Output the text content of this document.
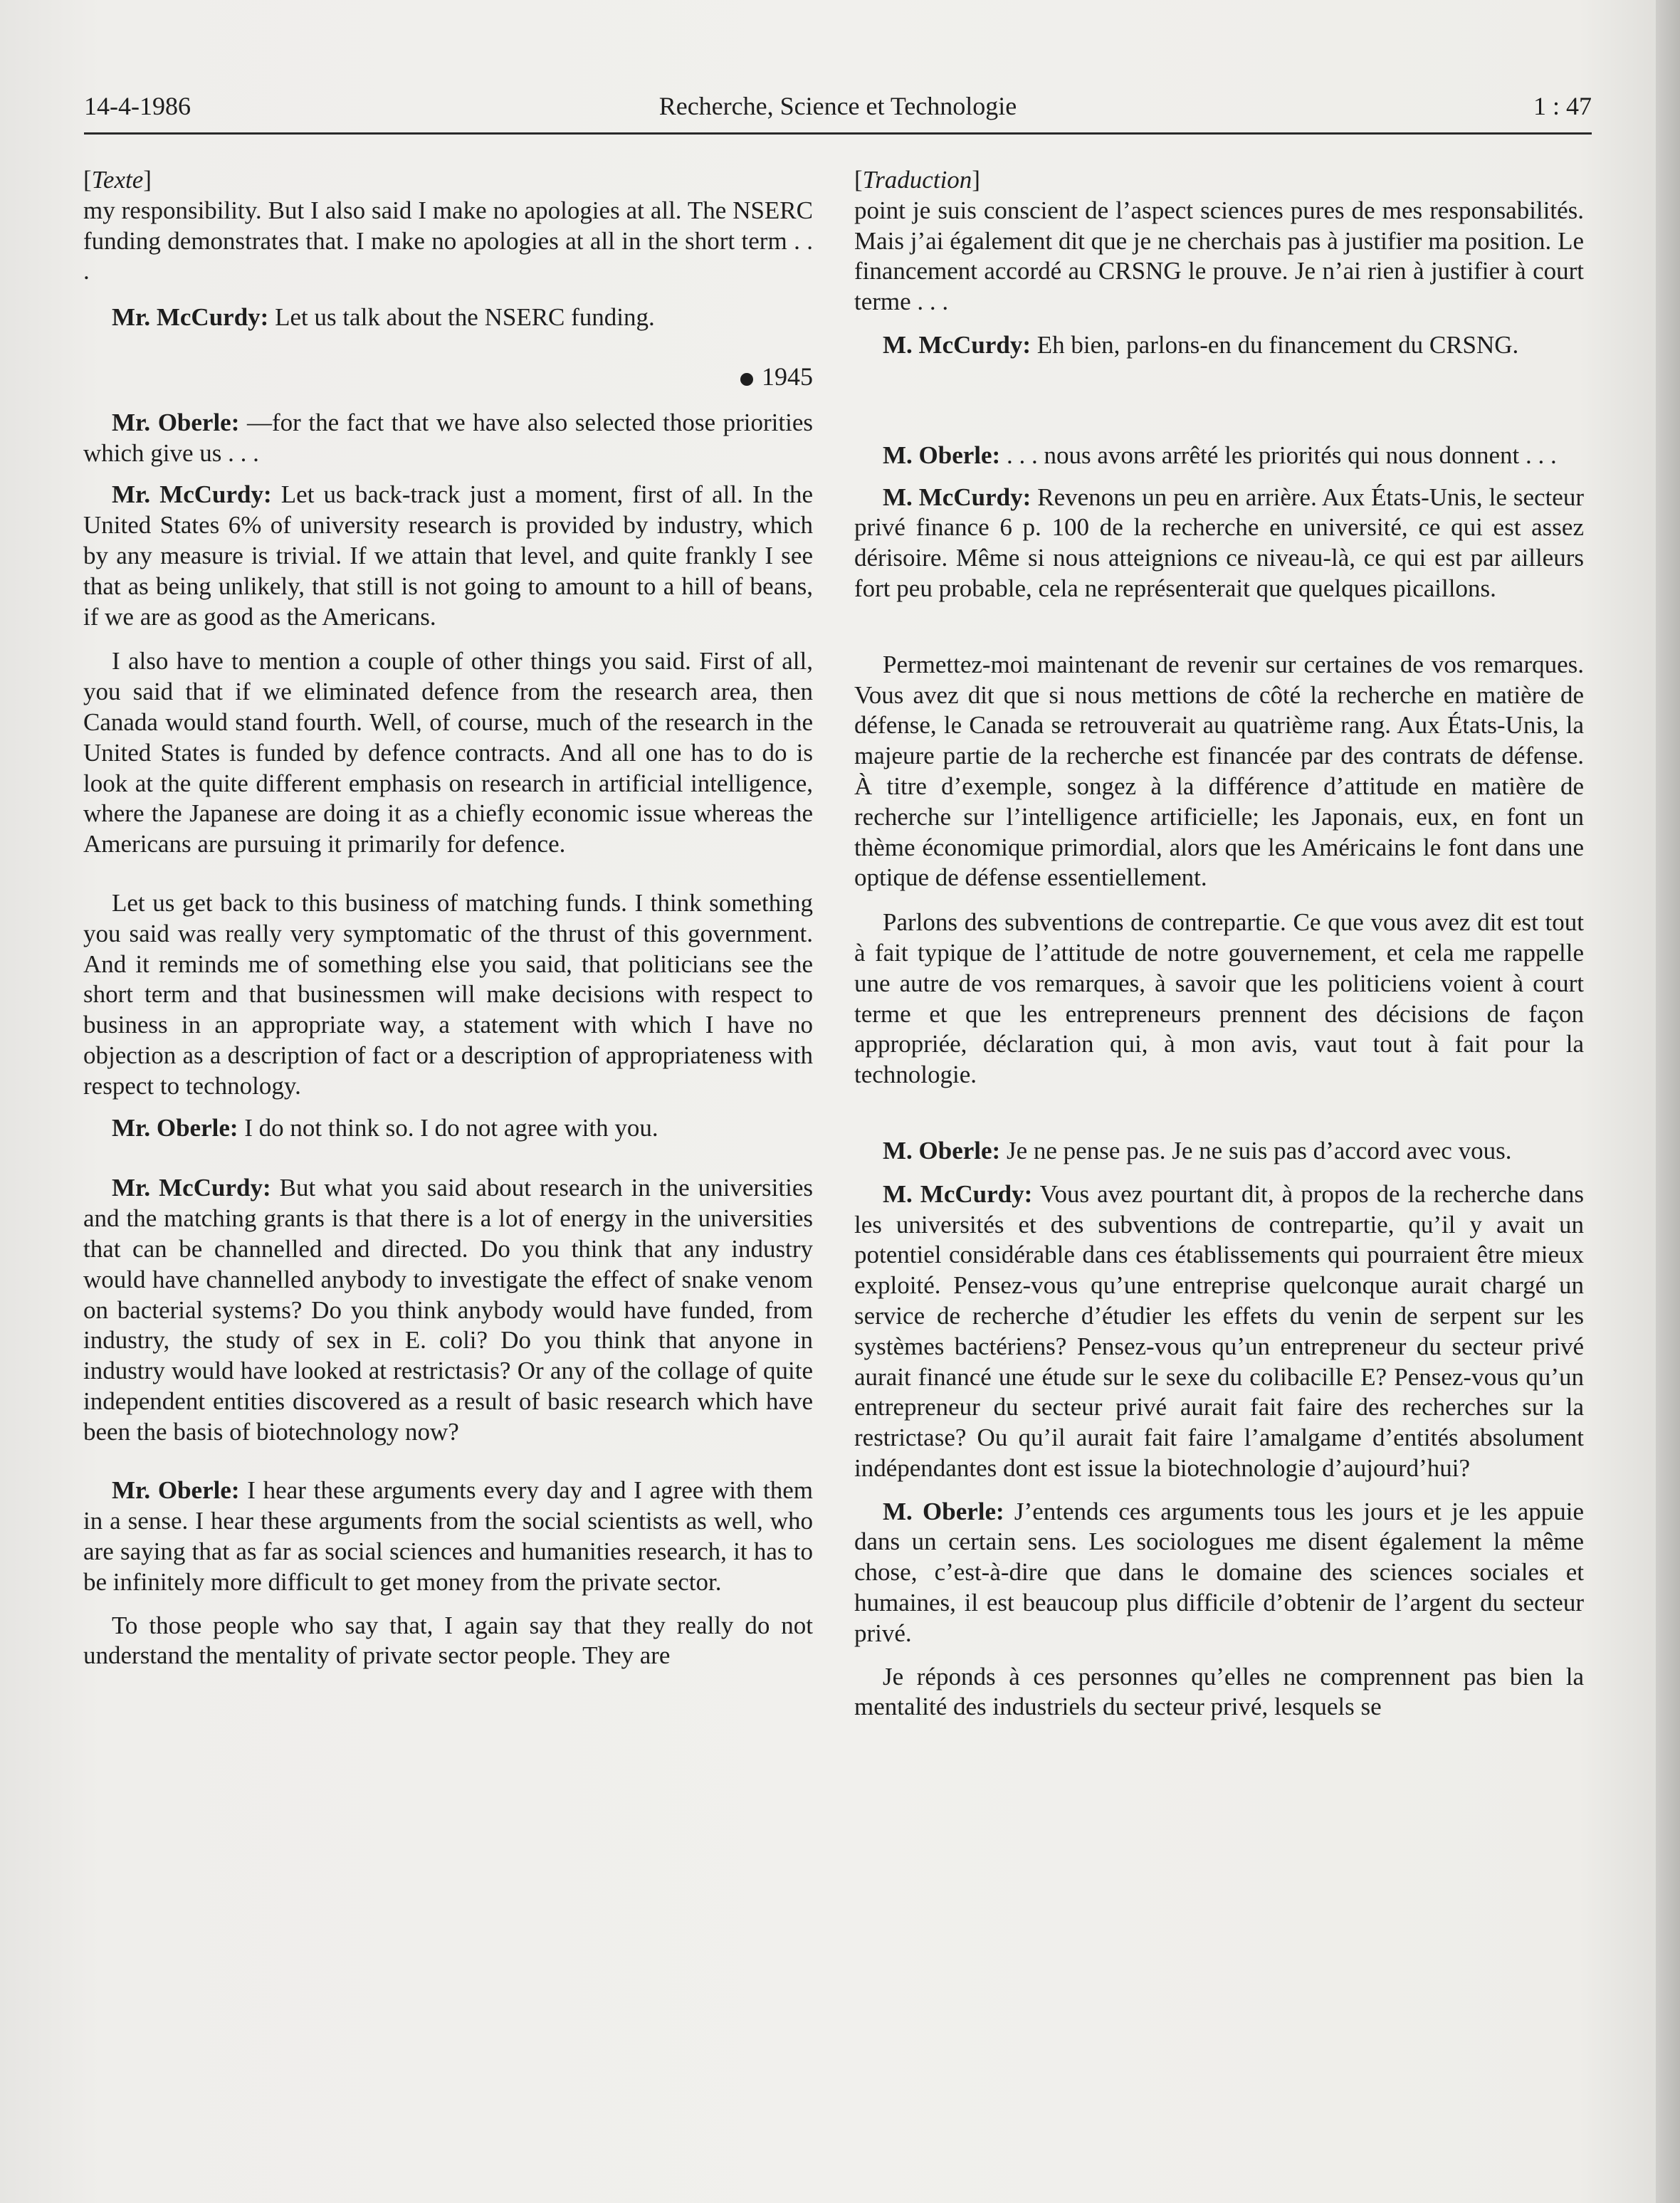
14-4-1986	Recherche, Science et Technologie	1 : 47

[Texte]

my responsibility. But I also said I make no apologies at all. The NSERC funding demonstrates that. I make no apologies at all in the short term . . .

Mr. McCurdy: Let us talk about the NSERC funding.

1945

Mr. Oberle: —for the fact that we have also selected those priorities which give us . . .

Mr. McCurdy: Let us back-track just a moment, first of all. In the United States 6% of university research is provided by industry, which by any measure is trivial. If we attain that level, and quite frankly I see that as being unlikely, that still is not going to amount to a hill of beans, if we are as good as the Americans.

I also have to mention a couple of other things you said. First of all, you said that if we eliminated defence from the research area, then Canada would stand fourth. Well, of course, much of the research in the United States is funded by defence contracts. And all one has to do is look at the quite different emphasis on research in artificial intelligence, where the Japanese are doing it as a chiefly economic issue whereas the Americans are pursuing it primarily for defence.

Let us get back to this business of matching funds. I think something you said was really very symptomatic of the thrust of this government. And it reminds me of something else you said, that politicians see the short term and that businessmen will make decisions with respect to business in an appropriate way, a statement with which I have no objection as a description of fact or a description of appropriateness with respect to technology.

Mr. Oberle: I do not think so. I do not agree with you.

Mr. McCurdy: But what you said about research in the universities and the matching grants is that there is a lot of energy in the universities that can be channelled and directed. Do you think that any industry would have channelled anybody to investigate the effect of snake venom on bacterial systems? Do you think anybody would have funded, from industry, the study of sex in E. coli? Do you think that anyone in industry would have looked at restrictasis? Or any of the collage of quite independent entities discovered as a result of basic research which have been the basis of biotechnology now?

Mr. Oberle: I hear these arguments every day and I agree with them in a sense. I hear these arguments from the social scientists as well, who are saying that as far as social sciences and humanities research, it has to be infinitely more difficult to get money from the private sector.

To those people who say that, I again say that they really do not understand the mentality of private sector people. They are

[Traduction]

point je suis conscient de l’aspect sciences pures de mes responsabilités. Mais j’ai également dit que je ne cherchais pas à justifier ma position. Le financement accordé au CRSNG le prouve. Je n’ai rien à justifier à court terme . . .

M. McCurdy: Eh bien, parlons-en du financement du CRSNG.

M. Oberle: . . . nous avons arrêté les priorités qui nous donnent . . .

M. McCurdy: Revenons un peu en arrière. Aux États-Unis, le secteur privé finance 6 p. 100 de la recherche en université, ce qui est assez dérisoire. Même si nous atteignions ce niveau-là, ce qui est par ailleurs fort peu probable, cela ne représenterait que quelques picaillons.

Permettez-moi maintenant de revenir sur certaines de vos remarques. Vous avez dit que si nous mettions de côté la recherche en matière de défense, le Canada se retrouverait au quatrième rang. Aux États-Unis, la majeure partie de la recherche est financée par des contrats de défense. À titre d’exemple, songez à la différence d’attitude en matière de recherche sur l’intelligence artificielle; les Japonais, eux, en font un thème économique primordial, alors que les Américains le font dans une optique de défense essentiellement.

Parlons des subventions de contrepartie. Ce que vous avez dit est tout à fait typique de l’attitude de notre gouvernement, et cela me rappelle une autre de vos remarques, à savoir que les politiciens voient à court terme et que les entrepreneurs prennent des décisions de façon appropriée, déclaration qui, à mon avis, vaut tout à fait pour la technologie.

M. Oberle: Je ne pense pas. Je ne suis pas d’accord avec vous.

M. McCurdy: Vous avez pourtant dit, à propos de la recherche dans les universités et des subventions de contrepartie, qu’il y avait un potentiel considérable dans ces établissements qui pourraient être mieux exploité. Pensez-vous qu’une entreprise quelconque aurait chargé un service de recherche d’étudier les effets du venin de serpent sur les systèmes bactériens? Pensez-vous qu’un entrepreneur du secteur privé aurait financé une étude sur le sexe du colibacille E? Pensez-vous qu’un entrepreneur du secteur privé aurait fait faire des recherches sur la restrictase? Ou qu’il aurait fait faire l’amalgame d’entités absolument indépendantes dont est issue la biotechnologie d’aujourd’hui?

M. Oberle: J’entends ces arguments tous les jours et je les appuie dans un certain sens. Les sociologues me disent également la même chose, c’est-à-dire que dans le domaine des sciences sociales et humaines, il est beaucoup plus difficile d’obtenir de l’argent du secteur privé.

Je réponds à ces personnes qu’elles ne comprennent pas bien la mentalité des industriels du secteur privé, lesquels se
